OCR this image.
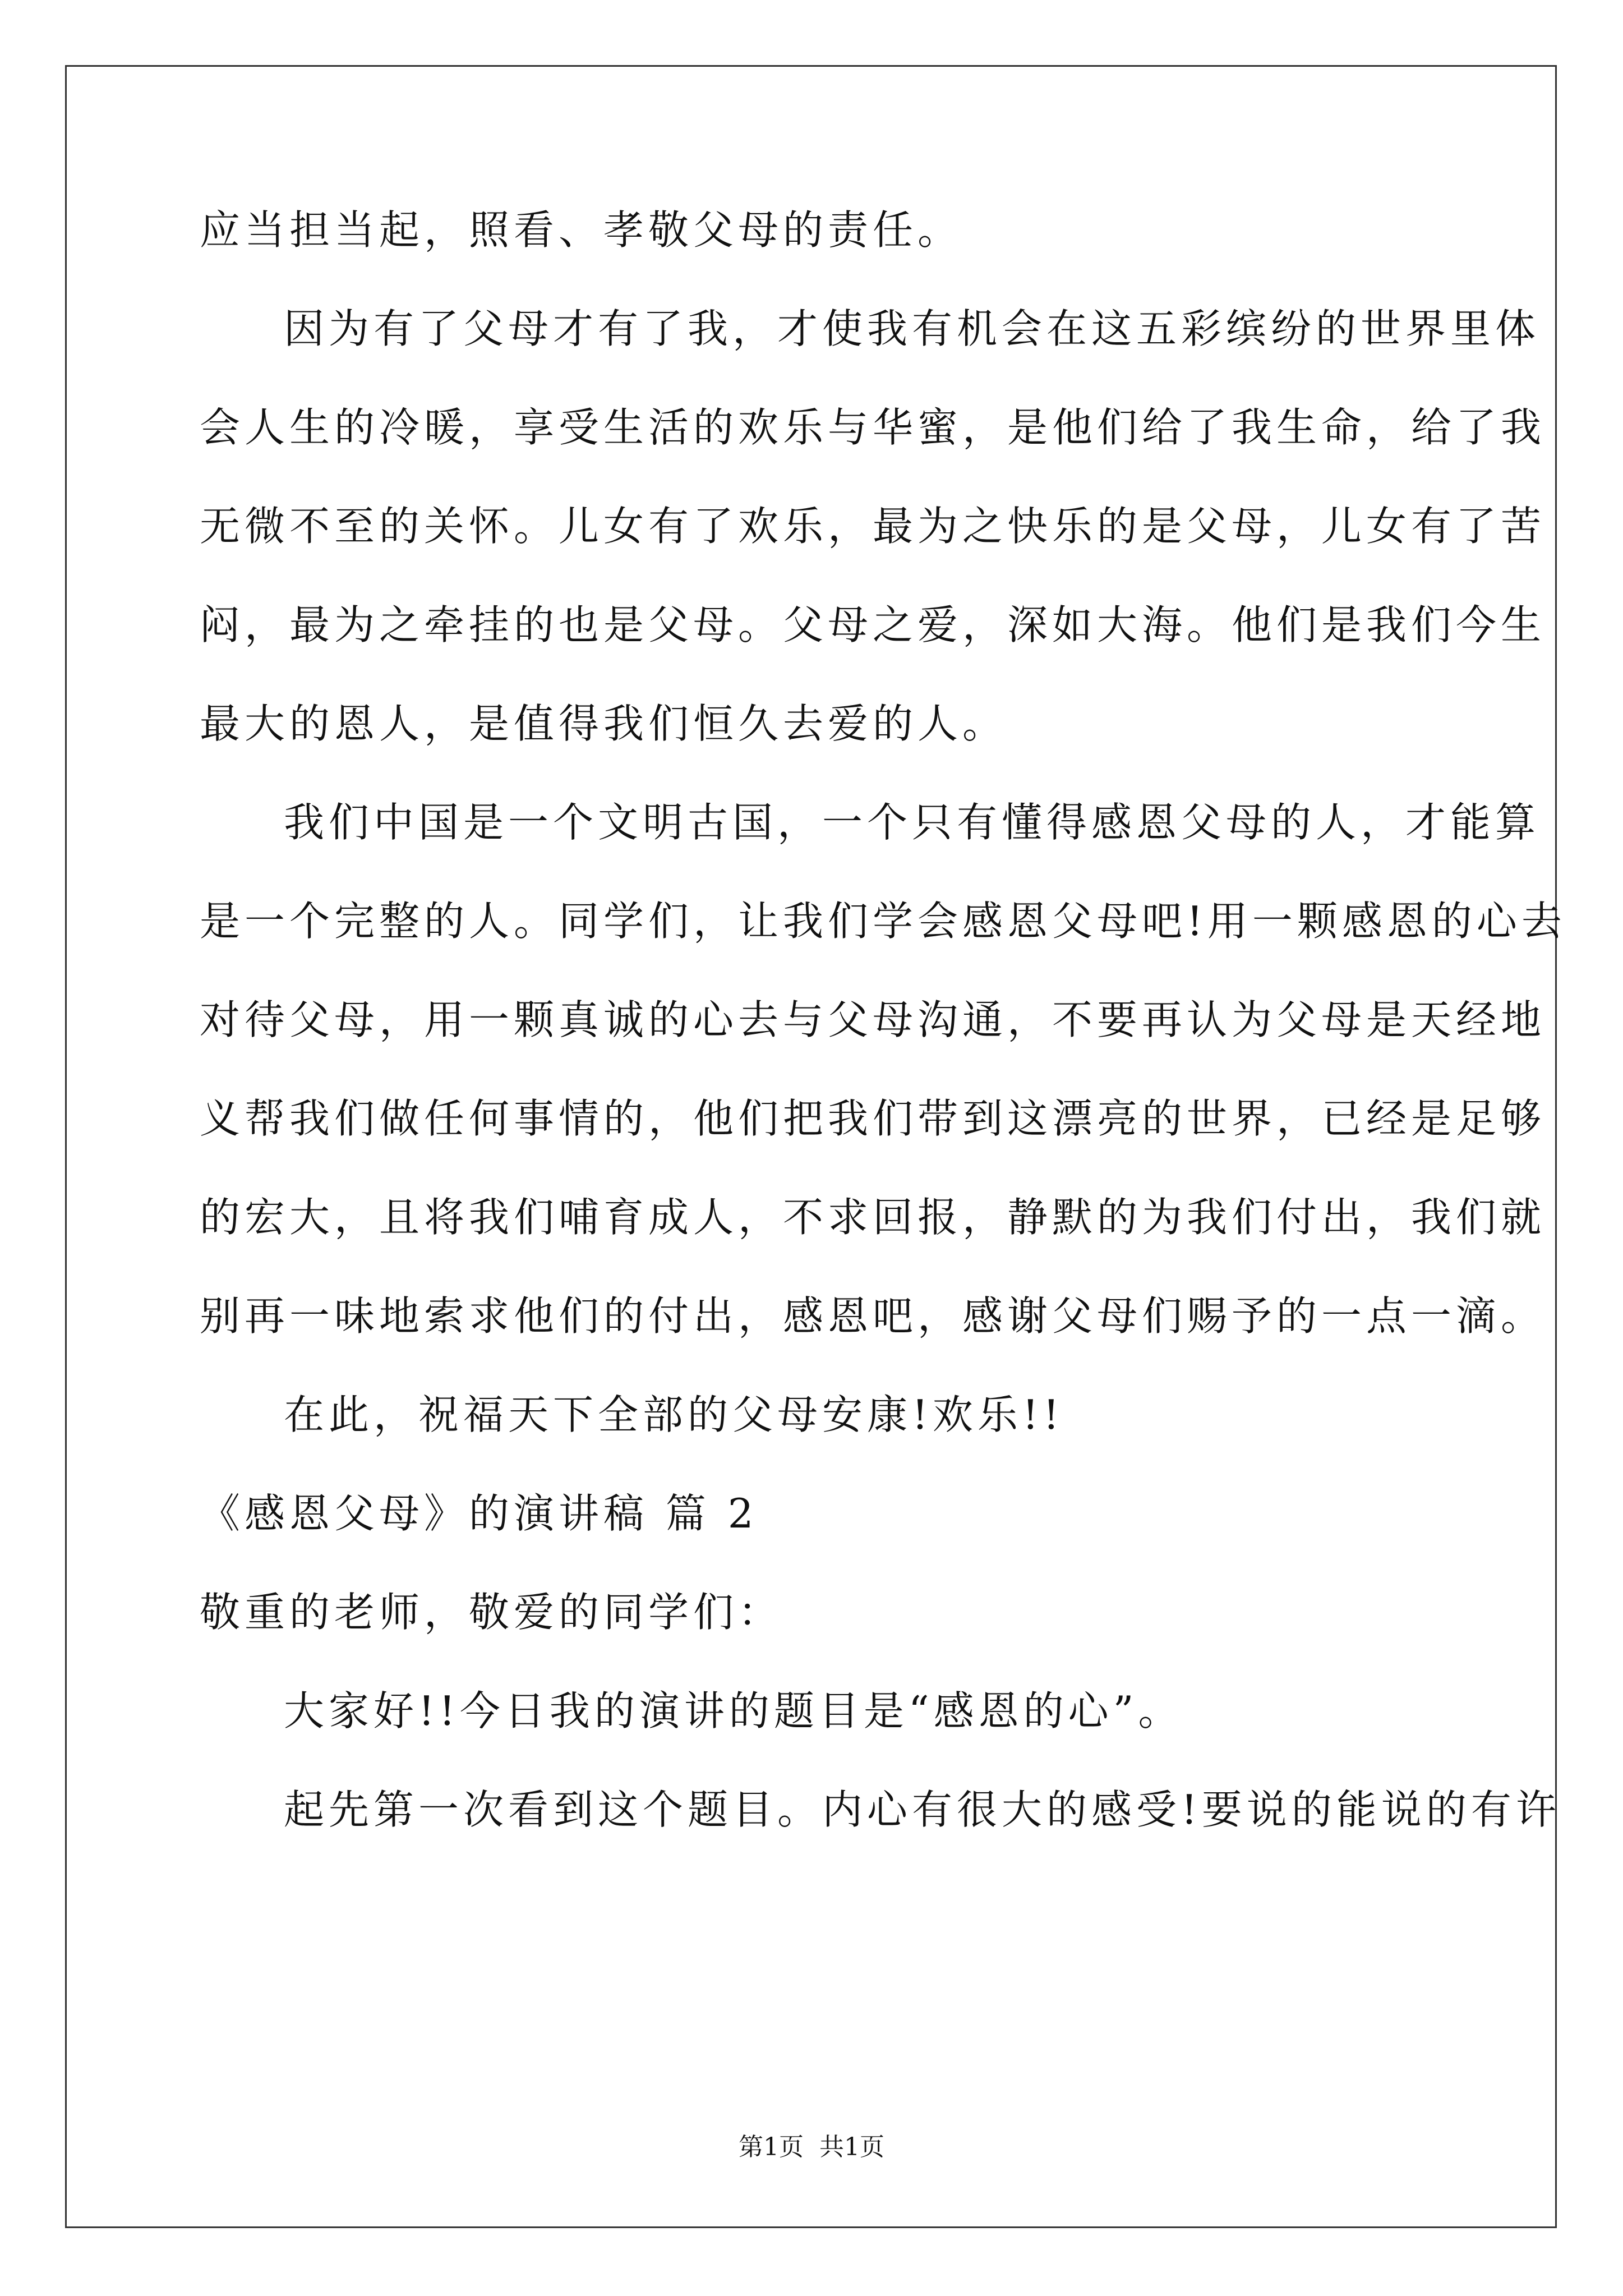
应当担当起，照看、孝敬父母的责任。
因为有了父母才有了我，才使我有机会在这五彩缤纷的世界里体
会人生的冷暖，享受生活的欢乐与华蜜，是他们给了我生命，给了我
无微不至的关怀。儿女有了欢乐，最为之快乐的是父母，儿女有了苦
闷，最为之牵挂的也是父母。父母之爱，深如大海。他们是我们今生
最大的恩人，是值得我们恒久去爱的人。
我们中国是一个文明古国，一个只有懂得感恩父母的人，才能算
是一个完整的人。同学们，让我们学会感恩父母吧!用一颗感恩的心去
对待父母，用一颗真诚的心去与父母沟通，不要再认为父母是天经地
义帮我们做任何事情的，他们把我们带到这漂亮的世界，已经是足够
的宏大，且将我们哺育成人，不求回报，静默的为我们付出，我们就
别再一味地索求他们的付出，感恩吧，感谢父母们赐予的一点一滴。
在此，祝福天下全部的父母安康!欢乐!!
《感恩父母》的演讲稿 篇 2
敬重的老师，敬爱的同学们：
大家好!!今日我的演讲的题目是“感恩的心”。
起先第一次看到这个题目。内心有很大的感受!要说的能说的有许
第1页 共1页
